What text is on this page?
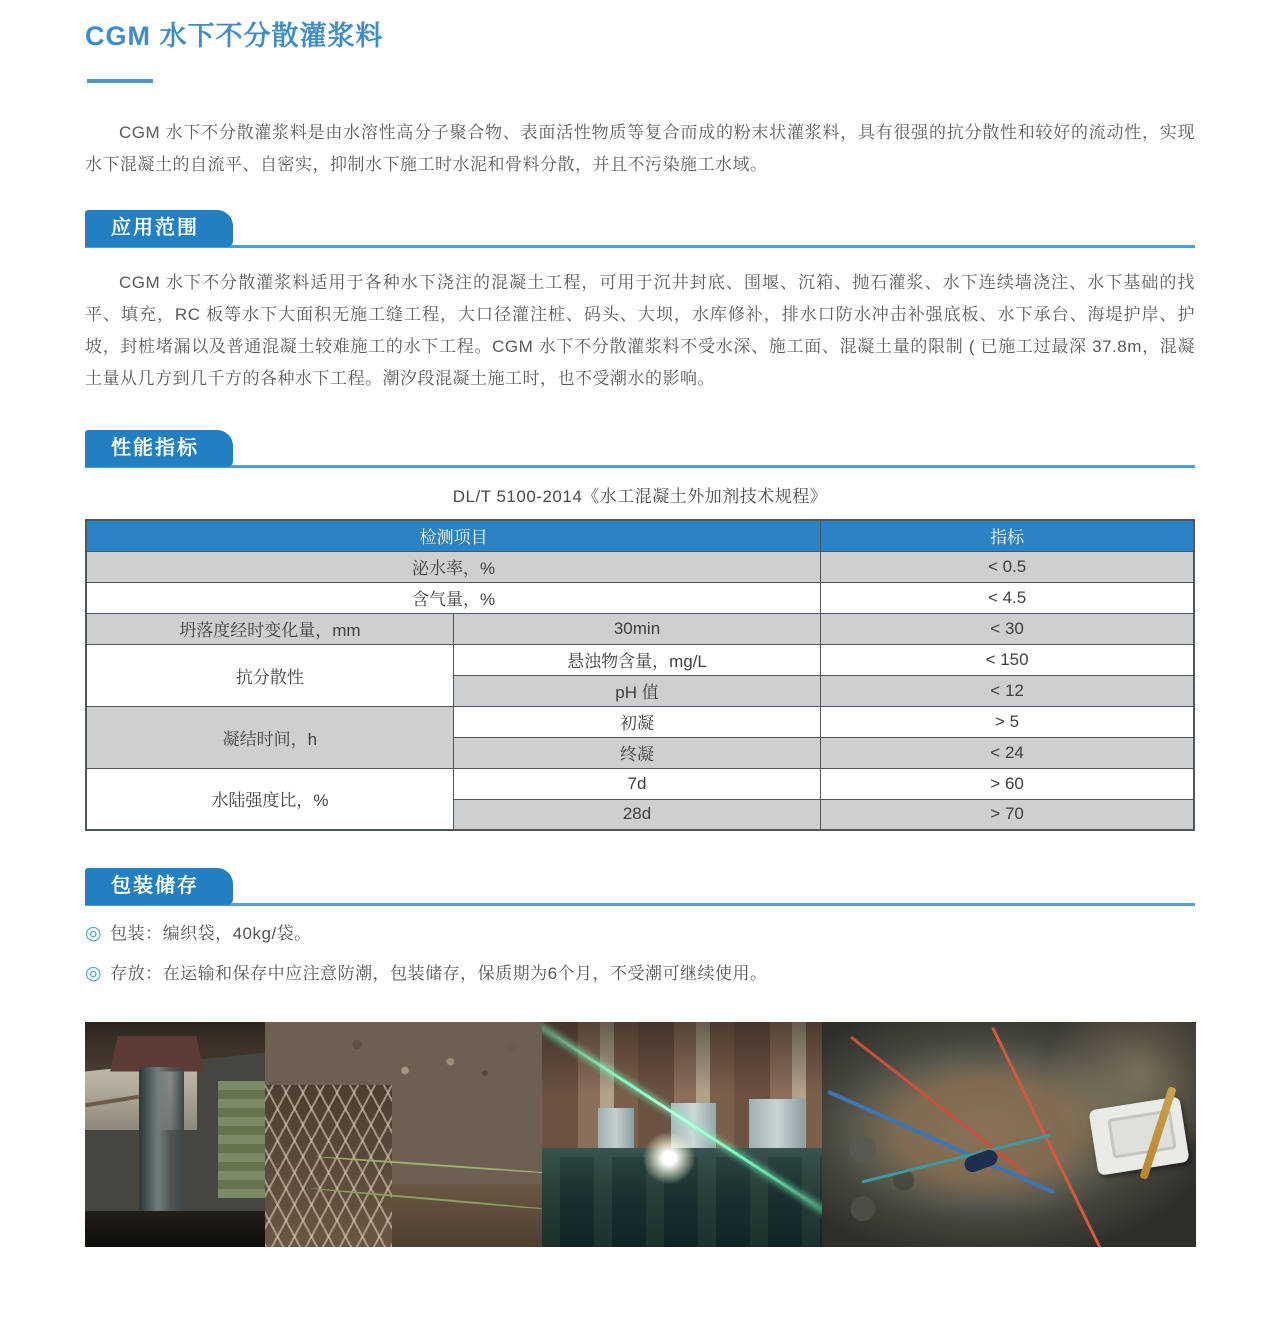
CGM 水下不分散灌浆料

CGM 水下不分散灌浆料是由水溶性高分子聚合物、表面活性物质等复合而成的粉末状灌浆料，具有很强的抗分散性和较好的流动性，实现水下混凝土的自流平、自密实，抑制水下施工时水泥和骨料分散，并且不污染施工水域。

应用范围

CGM 水下不分散灌浆料适用于各种水下浇注的混凝土工程，可用于沉井封底、围堰、沉箱、抛石灌浆、水下连续墙浇注、水下基础的找平、填充，RC 板等水下大面积无施工缝工程，大口径灌注桩、码头、大坝，水库修补，排水口防水冲击补强底板、水下承台、海堤护岸、护坡，封桩堵漏以及普通混凝土较难施工的水下工程。CGM 水下不分散灌浆料不受水深、施工面、混凝土量的限制 ( 已施工过最深 37.8m，混凝土量从几方到几千方的各种水下工程。潮汐段混凝土施工时，也不受潮水的影响。

性能指标
DL/T 5100-2014《水工混凝土外加剂技术规程》
检测项目		指标
泌水率，%		< 0.5
含气量，%		< 4.5
坍落度经时变化量，mm	30min	< 30
抗分散性	悬浊物含量，mg/L	< 150
	pH 值	< 12
凝结时间，h	初凝	> 5
	终凝	< 24
水陆强度比，%	7d	> 60
	28d	> 70
包装储存
◎ 包装：编织袋，40kg/袋。
◎ 存放：在运输和保存中应注意防潮，包装储存，保质期为6个月，不受潮可继续使用。
